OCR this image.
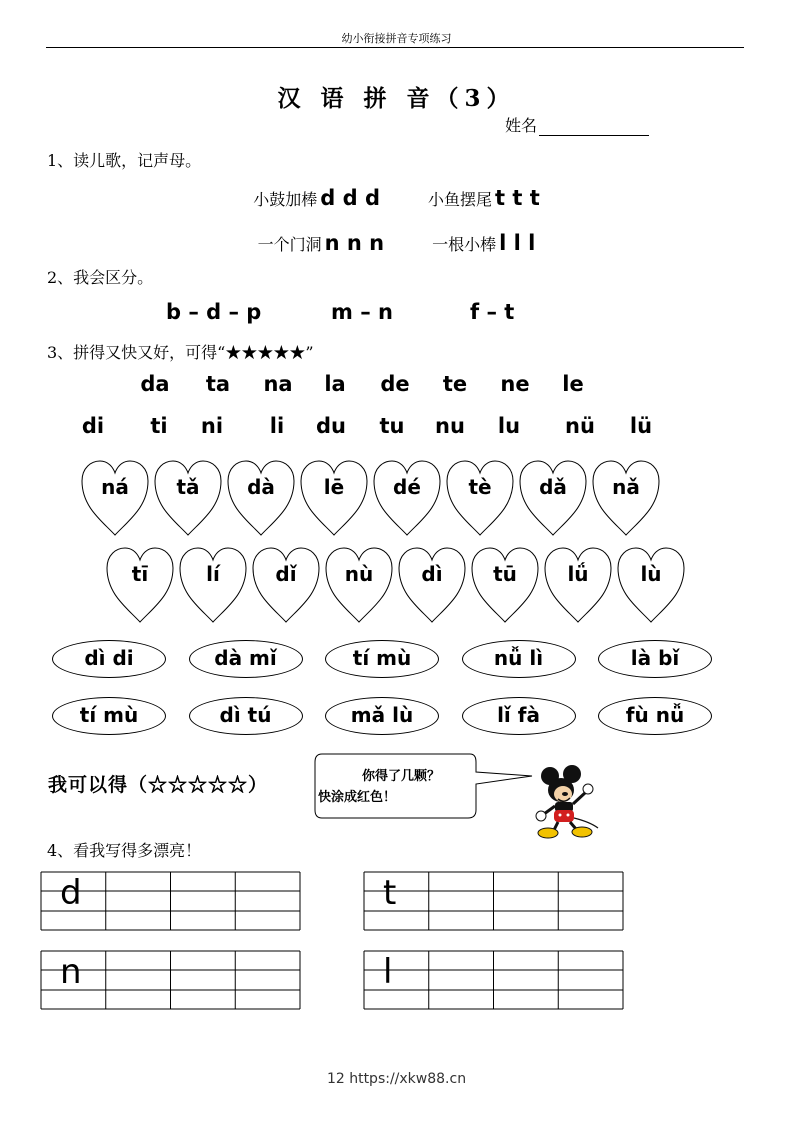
幼小衔接拼音专项练习
汉 语 拼 音（3）
姓名
1、读儿歌，记声母。
小鼓加棒 d d d	小鱼摆尾 t t t
一个门洞 n n n	一根小棒 l l l
2、我会区分。
b – d – p	m – n	f – t
3、拼得又快又好，可得“★★★★★”
da	ta	na	la	de	te	ne	le
di	ti	ni	li	du	tu	nu	lu	nü	lü
ná	tǎ	dà	lē	dé	tè	dǎ	nǎ
tī	lí	dǐ	nù	dì	tū	lǘ	lù
dì di	dà mǐ	tí mù	nǚ lì	là bǐ
tí mù	dì tú	mǎ lù	lǐ fà	fù nǚ
我可以得（☆☆☆☆☆）	你得了几颗？
快涂成红色！
4、看我写得多漂亮！
d	t
n	l
12 https://xkw88.cn
